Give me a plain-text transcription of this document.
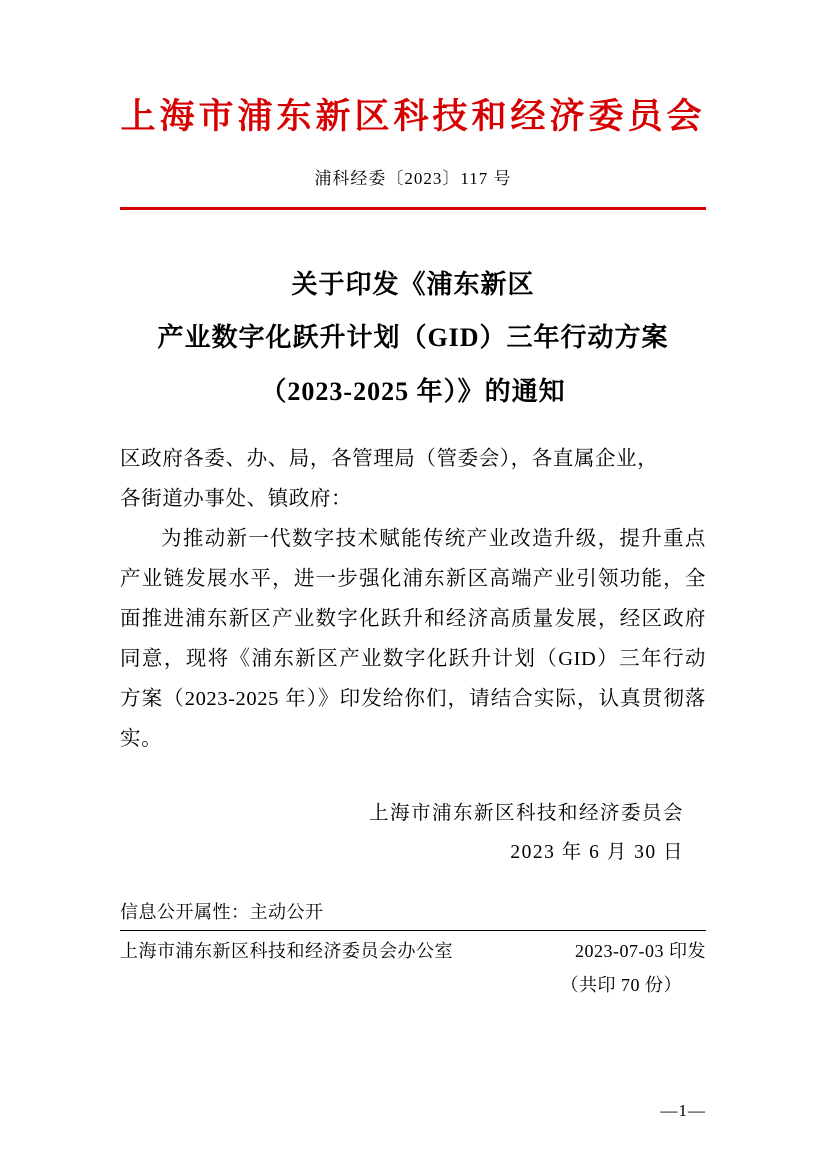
上海市浦东新区科技和经济委员会
浦科经委〔2023〕117 号
关于印发《浦东新区
产业数字化跃升计划（GID）三年行动方案
（2023-2025 年）》的通知

区政府各委、办、局，各管理局（管委会），各直属企业，

各街道办事处、镇政府：

为推动新一代数字技术赋能传统产业改造升级，提升重点产业链发展水平，进一步强化浦东新区高端产业引领功能，全面推进浦东新区产业数字化跃升和经济高质量发展，经区政府同意，现将《浦东新区产业数字化跃升计划（GID）三年行动方案（2023-2025 年）》印发给你们，请结合实际，认真贯彻落实。

上海市浦东新区科技和经济委员会
2023 年 6 月 30 日
信息公开属性：主动公开
上海市浦东新区科技和经济委员会办公室	2023-07-03 印发
（共印 70 份）
—1—
